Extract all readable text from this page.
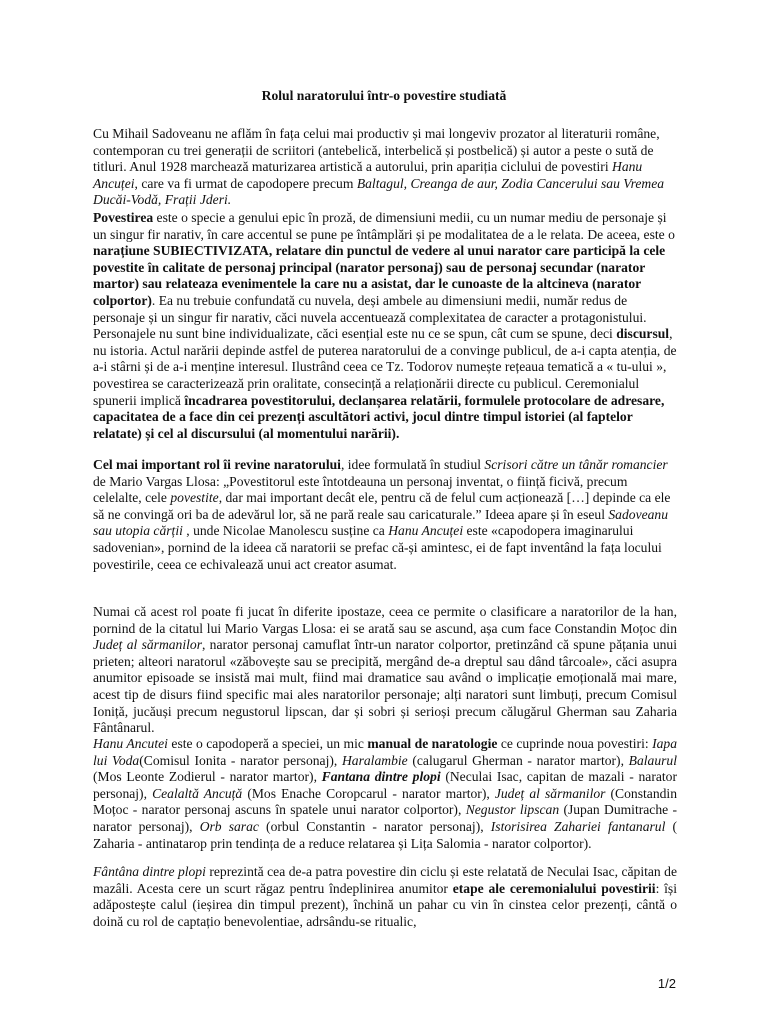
Rolul naratorului într-o povestire studiată

Cu Mihail Sadoveanu ne aflăm în fața celui mai productiv și mai longeviv prozator al literaturii române, contemporan cu trei generații de scriitori (antebelică, interbelică și postbelică) și autor a peste o sută de titluri. Anul 1928 marchează maturizarea artistică a autorului, prin apariția ciclului de povestiri Hanu Ancuței, care va fi urmat de capodopere precum Baltagul, Creanga de aur, Zodia Cancerului sau Vremea Ducăi-Vodă, Frații Jderi.

Povestirea este o specie a genului epic în proză, de dimensiuni medii, cu un numar mediu de personaje și un singur fir narativ, în care accentul se pune pe întâmplări și pe modalitatea de a le relata. De aceea, este o narațiune SUBIECTIVIZATA, relatare din punctul de vedere al unui narator care participă la cele povestite în calitate de personaj principal (narator personaj) sau de personaj secundar (narator martor) sau relateaza evenimentele la care nu a asistat, dar le cunoaste de la altcineva (narator colportor). Ea nu trebuie confundată cu nuvela, deși ambele au dimensiuni medii, număr redus de personaje și un singur fir narativ, căci nuvela accentuează complexitatea de caracter a protagonistului. Personajele nu sunt bine individualizate, căci esențial este nu ce se spun, cât cum se spune, deci discursul, nu istoria. Actul narării depinde astfel de puterea naratorului de a convinge publicul, de a-i capta atenția, de a-i stârni și de a-i menține interesul. Ilustrând ceea ce Tz. Todorov numește rețeaua tematică a « tu-ului », povestirea se caracterizează prin oralitate, consecință a relaționării directe cu publicul. Ceremonialul spunerii implică încadrarea povestitorului, declanșarea relatării, formulele protocolare de adresare, capacitatea de a face din cei prezenți ascultători activi, jocul dintre timpul istoriei (al faptelor relatate) și cel al discursului (al momentului narării).

Cel mai important rol îi revine naratorului, idee formulată în studiul Scrisori către un tânăr romancier de Mario Vargas Llosa: „Povestitorul este întotdeauna un personaj inventat, o ființă ficivă, precum celelalte, cele povestite, dar mai important decât ele, pentru că de felul cum acționează […] depinde ca ele să ne convingă ori ba de adevărul lor, să ne pară reale sau caricaturale.” Ideea apare și în eseul Sadoveanu sau utopia cărții , unde Nicolae Manolescu susține ca Hanu Ancuței este «capodopera imaginarului sadovenian», pornind de la ideea că naratorii se prefac că-și amintesc, ei de fapt inventând la fața locului povestirile, ceea ce echivalează unui act creator asumat.

Numai că acest rol poate fi jucat în diferite ipostaze, ceea ce permite o clasificare a naratorilor de la han, pornind de la citatul lui Mario Vargas Llosa: ei se arată sau se ascund, așa cum face Constandin Moțoc din Județ al sărmanilor, narator personaj camuflat într-un narator colportor, pretinzând că spune pățania unui prieten; alteori naratorul «zăbovește sau se precipită, mergând de-a dreptul sau dând târcoale», căci asupra anumitor episoade se insistă mai mult, fiind mai dramatice sau având o implicație emoțională mai mare, acest tip de disurs fiind specific mai ales naratorilor personaje; alți naratori sunt limbuți, precum Comisul Ioniță, jucăuși precum negustorul lipscan, dar și sobri și serioși precum călugărul Gherman sau Zaharia Fântânarul.

Hanu Ancutei este o capodoperă a speciei, un mic manual de naratologie ce cuprinde noua povestiri: Iapa lui Voda(Comisul Ionita - narator personaj), Haralambie (calugarul Gherman - narator martor), Balaurul (Mos Leonte Zodierul - narator martor), Fantana dintre plopi (Neculai Isac, capitan de mazali - narator personaj), Cealaltă Ancuță (Mos Enache Coropcarul - narator martor), Județ al sărmanilor (Constandin Moțoc - narator personaj ascuns în spatele unui narator colportor), Negustor lipscan (Jupan Dumitrache - narator personaj), Orb sarac (orbul Constantin - narator personaj), Istorisirea Zahariei fantanarul ( Zaharia - antinatarор prin tendința de a reduce relatarea și Lița Salomia - narator colportor).

Fântâna dintre plopi reprezintă cea de-a patra povestire din ciclu și este relatată de Neculai Isac, căpitan de mazâli. Acesta cere un scurt răgaz pentru îndeplinirea anumitor etape ale ceremonialului povestirii: își adăpostește calul (ieșirea din timpul prezent), închină un pahar cu vin în cinstea celor prezenți, cântă o doină cu rol de captațio benevolentiae, adrsându-se ritualic,

1/2
